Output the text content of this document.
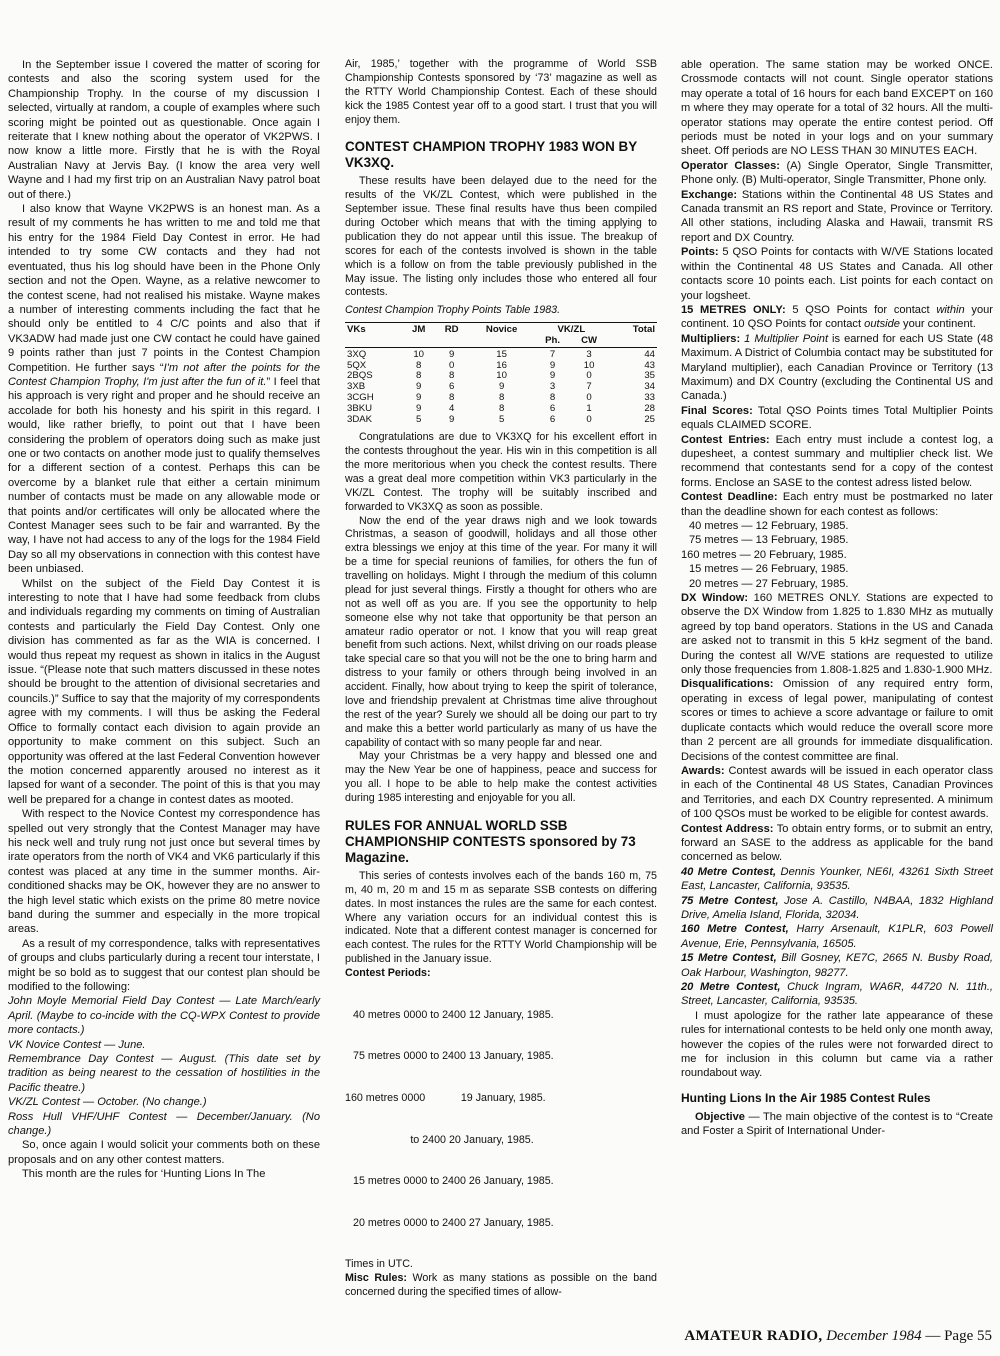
In the September issue I covered the matter of scoring for contests and also the scoring system used for the Championship Trophy. In the course of my discussion I selected, virtually at random, a couple of examples where such scoring might be pointed out as questionable. Once again I reiterate that I knew nothing about the operator of VK2PWS. I now know a little more. Firstly that he is with the Royal Australian Navy at Jervis Bay. (I know the area very well Wayne and I had my first trip on an Australian Navy patrol boat out of there.)

I also know that Wayne VK2PWS is an honest man. As a result of my comments he has written to me and told me that his entry for the 1984 Field Day Contest in error. He had intended to try some CW contacts and they had not eventuated, thus his log should have been in the Phone Only section and not the Open. Wayne, as a relative newcomer to the contest scene, had not realised his mistake. Wayne makes a number of interesting comments including the fact that he should only be entitled to 4 C/C points and also that if VK3ADW had made just one CW contact he could have gained 9 points rather than just 7 points in the Contest Champion Competition. He further says “I'm not after the points for the Contest Champion Trophy, I'm just after the fun of it.” I feel that his approach is very right and proper and he should receive an accolade for both his honesty and his spirit in this regard. I would, like rather briefly, to point out that I have been considering the problem of operators doing such as make just one or two contacts on another mode just to qualify themselves for a different section of a contest. Perhaps this can be overcome by a blanket rule that either a certain minimum number of contacts must be made on any allowable mode or that points and/or certificates will only be allocated where the Contest Manager sees such to be fair and warranted. By the way, I have not had access to any of the logs for the 1984 Field Day so all my observations in connection with this contest have been unbiased.

Whilst on the subject of the Field Day Contest it is interesting to note that I have had some feedback from clubs and individuals regarding my comments on timing of Australian contests and particularly the Field Day Contest. Only one division has commented as far as the WIA is concerned. I would thus repeat my request as shown in italics in the August issue. “(Please note that such matters discussed in these notes should be brought to the attention of divisional secretaries and councils.)” Suffice to say that the majority of my correspondents agree with my comments. I will thus be asking the Federal Office to formally contact each division to again provide an opportunity to make comment on this subject. Such an opportunity was offered at the last Federal Convention however the motion concerned apparently aroused no interest as it lapsed for want of a seconder. The point of this is that you may well be prepared for a change in contest dates as mooted.

With respect to the Novice Contest my correspondence has spelled out very strongly that the Contest Manager may have his neck well and truly rung not just once but several times by irate operators from the north of VK4 and VK6 particularly if this contest was placed at any time in the summer months. Air-conditioned shacks may be OK, however they are no answer to the high level static which exists on the prime 80 metre novice band during the summer and especially in the more tropical areas.

As a result of my correspondence, talks with representatives of groups and clubs particularly during a recent tour interstate, I might be so bold as to suggest that our contest plan should be modified to the following:

John Moyle Memorial Field Day Contest — Late March/early April. (Maybe to co-incide with the CQ-WPX Contest to provide more contacts.)
VK Novice Contest — June.
Remembrance Day Contest — August. (This date set by tradition as being nearest to the cessation of hostilities in the Pacific theatre.)
VK/ZL Contest — October. (No change.)
Ross Hull VHF/UHF Contest — December/January. (No change.)

So, once again I would solicit your comments both on these proposals and on any other contest matters.

This month are the rules for ‘Hunting Lions In The

Air, 1985,’ together with the programme of World SSB Championship Contests sponsored by ‘73’ magazine as well as the RTTY World Championship Contest. Each of these should kick the 1985 Contest year off to a good start. I trust that you will enjoy them.

CONTEST CHAMPION TROPHY 1983 WON BY VK3XQ.

These results have been delayed due to the need for the results of the VK/ZL Contest, which were published in the September issue. These final results have thus been compiled during October which means that with the timing applying to publication they do not appear until this issue. The breakup of scores for each of the contests involved is shown in the table which is a follow on from the table previously published in the May issue. The listing only includes those who entered all four contests.

Contest Champion Trophy Points Table 1983.
VKs	JM	RD	Novice	VK/ZL		Total
				Ph.	CW	
3XQ	10	9	15	7	3	44
5QX	8	0	16	9	10	43
2BQS	8	8	10	9	0	35
3XB	9	6	9	3	7	34
3CGH	9	8	8	8	0	33
3BKU	9	4	8	6	1	28
3DAK	5	9	5	6	0	25

Congratulations are due to VK3XQ for his excellent effort in the contests throughout the year. His win in this competition is all the more meritorious when you check the contest results. There was a great deal more competition within VK3 particularly in the VK/ZL Contest. The trophy will be suitably inscribed and forwarded to VK3XQ as soon as possible.

Now the end of the year draws nigh and we look towards Christmas, a season of goodwill, holidays and all those other extra blessings we enjoy at this time of the year. For many it will be a time for special reunions of families, for others the fun of travelling on holidays. Might I through the medium of this column plead for just several things. Firstly a thought for others who are not as well off as you are. If you see the opportunity to help someone else why not take that opportunity be that person an amateur radio operator or not. I know that you will reap great benefit from such actions. Next, whilst driving on our roads please take special care so that you will not be the one to bring harm and distress to your family or others through being involved in an accident. Finally, how about trying to keep the spirit of tolerance, love and friendship prevalent at Christmas time alive throughout the rest of the year? Surely we should all be doing our part to try and make this a better world particularly as many of us have the capability of contact with so many people far and near.

May your Christmas be a very happy and blessed one and may the New Year be one of happiness, peace and success for you all. I hope to be able to help make the contest activities during 1985 interesting and enjoyable for you all.

RULES FOR ANNUAL WORLD SSB CHAMPIONSHIP CONTESTS sponsored by 73 Magazine.

This series of contests involves each of the bands 160 m, 75 m, 40 m, 20 m and 15 m as separate SSB contests on differing dates. In most instances the rules are the same for each contest. Where any variation occurs for an individual contest this is indicated. Note that a different contest manager is concerned for each contest. The rules for the RTTY World Championship will be published in the January issue.

Contest Periods:

40 metres 0000 to 2400 12 January, 1985.

75 metres 0000 to 2400 13 January, 1985.

160 metres 0000            19 January, 1985.

to 2400 20 January, 1985.

15 metres 0000 to 2400 26 January, 1985.

20 metres 0000 to 2400 27 January, 1985.

Times in UTC.

Misc Rules: Work as many stations as possible on the band concerned during the specified times of allow-

able operation. The same station may be worked ONCE. Crossmode contacts will not count. Single operator stations may operate a total of 16 hours for each band EXCEPT on 160 m where they may operate for a total of 32 hours. All the multi-operator stations may operate the entire contest period. Off periods must be noted in your logs and on your summary sheet. Off periods are NO LESS THAN 30 MINUTES EACH.

Operator Classes: (A) Single Operator, Single Transmitter, Phone only. (B) Multi-operator, Single Transmitter, Phone only.

Exchange: Stations within the Continental 48 US States and Canada transmit an RS report and State, Province or Territory. All other stations, including Alaska and Hawaii, transmit RS report and DX Country.

Points: 5 QSO Points for contacts with W/VE Stations located within the Continental 48 US States and Canada. All other contacts score 10 points each. List points for each contact on your logsheet.

15 METRES ONLY: 5 QSO Points for contact within your continent. 10 QSO Points for contact outside your continent.

Multipliers: 1 Multiplier Point is earned for each US State (48 Maximum. A District of Columbia contact may be substituted for Maryland multiplier), each Canadian Province or Territory (13 Maximum) and DX Country (excluding the Continental US and Canada.)

Final Scores: Total QSO Points times Total Multiplier Points equals CLAIMED SCORE.

Contest Entries: Each entry must include a contest log, a dupesheet, a contest summary and multiplier check list. We recommend that contestants send for a copy of the contest forms. Enclose an SASE to the contest adress listed below.

Contest Deadline: Each entry must be postmarked no later than the deadline shown for each contest as follows:

40 metres — 12 February, 1985.
75 metres — 13 February, 1985.
160 metres — 20 February, 1985.
15 metres — 26 February, 1985.
20 metres — 27 February, 1985.

DX Window: 160 METRES ONLY. Stations are expected to observe the DX Window from 1.825 to 1.830 MHz as mutually agreed by top band operators. Stations in the US and Canada are asked not to transmit in this 5 kHz segment of the band. During the contest all W/VE stations are requested to utilize only those frequencies from 1.808-1.825 and 1.830-1.900 MHz.

Disqualifications: Omission of any required entry form, operating in excess of legal power, manipulating of contest scores or times to achieve a score advantage or failure to omit duplicate contacts which would reduce the overall score more than 2 percent are all grounds for immediate disqualification. Decisions of the contest committee are final.

Awards: Contest awards will be issued in each operator class in each of the Continental 48 US States, Canadian Provinces and Territories, and each DX Country represented. A minimum of 100 QSOs must be worked to be eligible for contest awards.

Contest Address: To obtain entry forms, or to submit an entry, forward an SASE to the address as applicable for the band concerned as below.

40 Metre Contest, Dennis Younker, NE6I, 43261 Sixth Street East, Lancaster, California, 93535.

75 Metre Contest, Jose A. Castillo, N4BAA, 1832 Highland Drive, Amelia Island, Florida, 32034.

160 Metre Contest, Harry Arsenault, K1PLR, 603 Powell Avenue, Erie, Pennsylvania, 16505.

15 Metre Contest, Bill Gosney, KE7C, 2665 N. Busby Road, Oak Harbour, Washington, 98277.

20 Metre Contest, Chuck Ingram, WA6R, 44720 N. 11th., Street, Lancaster, California, 93535.

I must apologize for the rather late appearance of these rules for international contests to be held only one month away, however the copies of the rules were not forwarded direct to me for inclusion in this column but came via a rather roundabout way.

Hunting Lions In the Air 1985 Contest Rules

Objective — The main objective of the contest is to “Create and Foster a Spirit of International Under-

AMATEUR RADIO, December 1984 — Page 55
